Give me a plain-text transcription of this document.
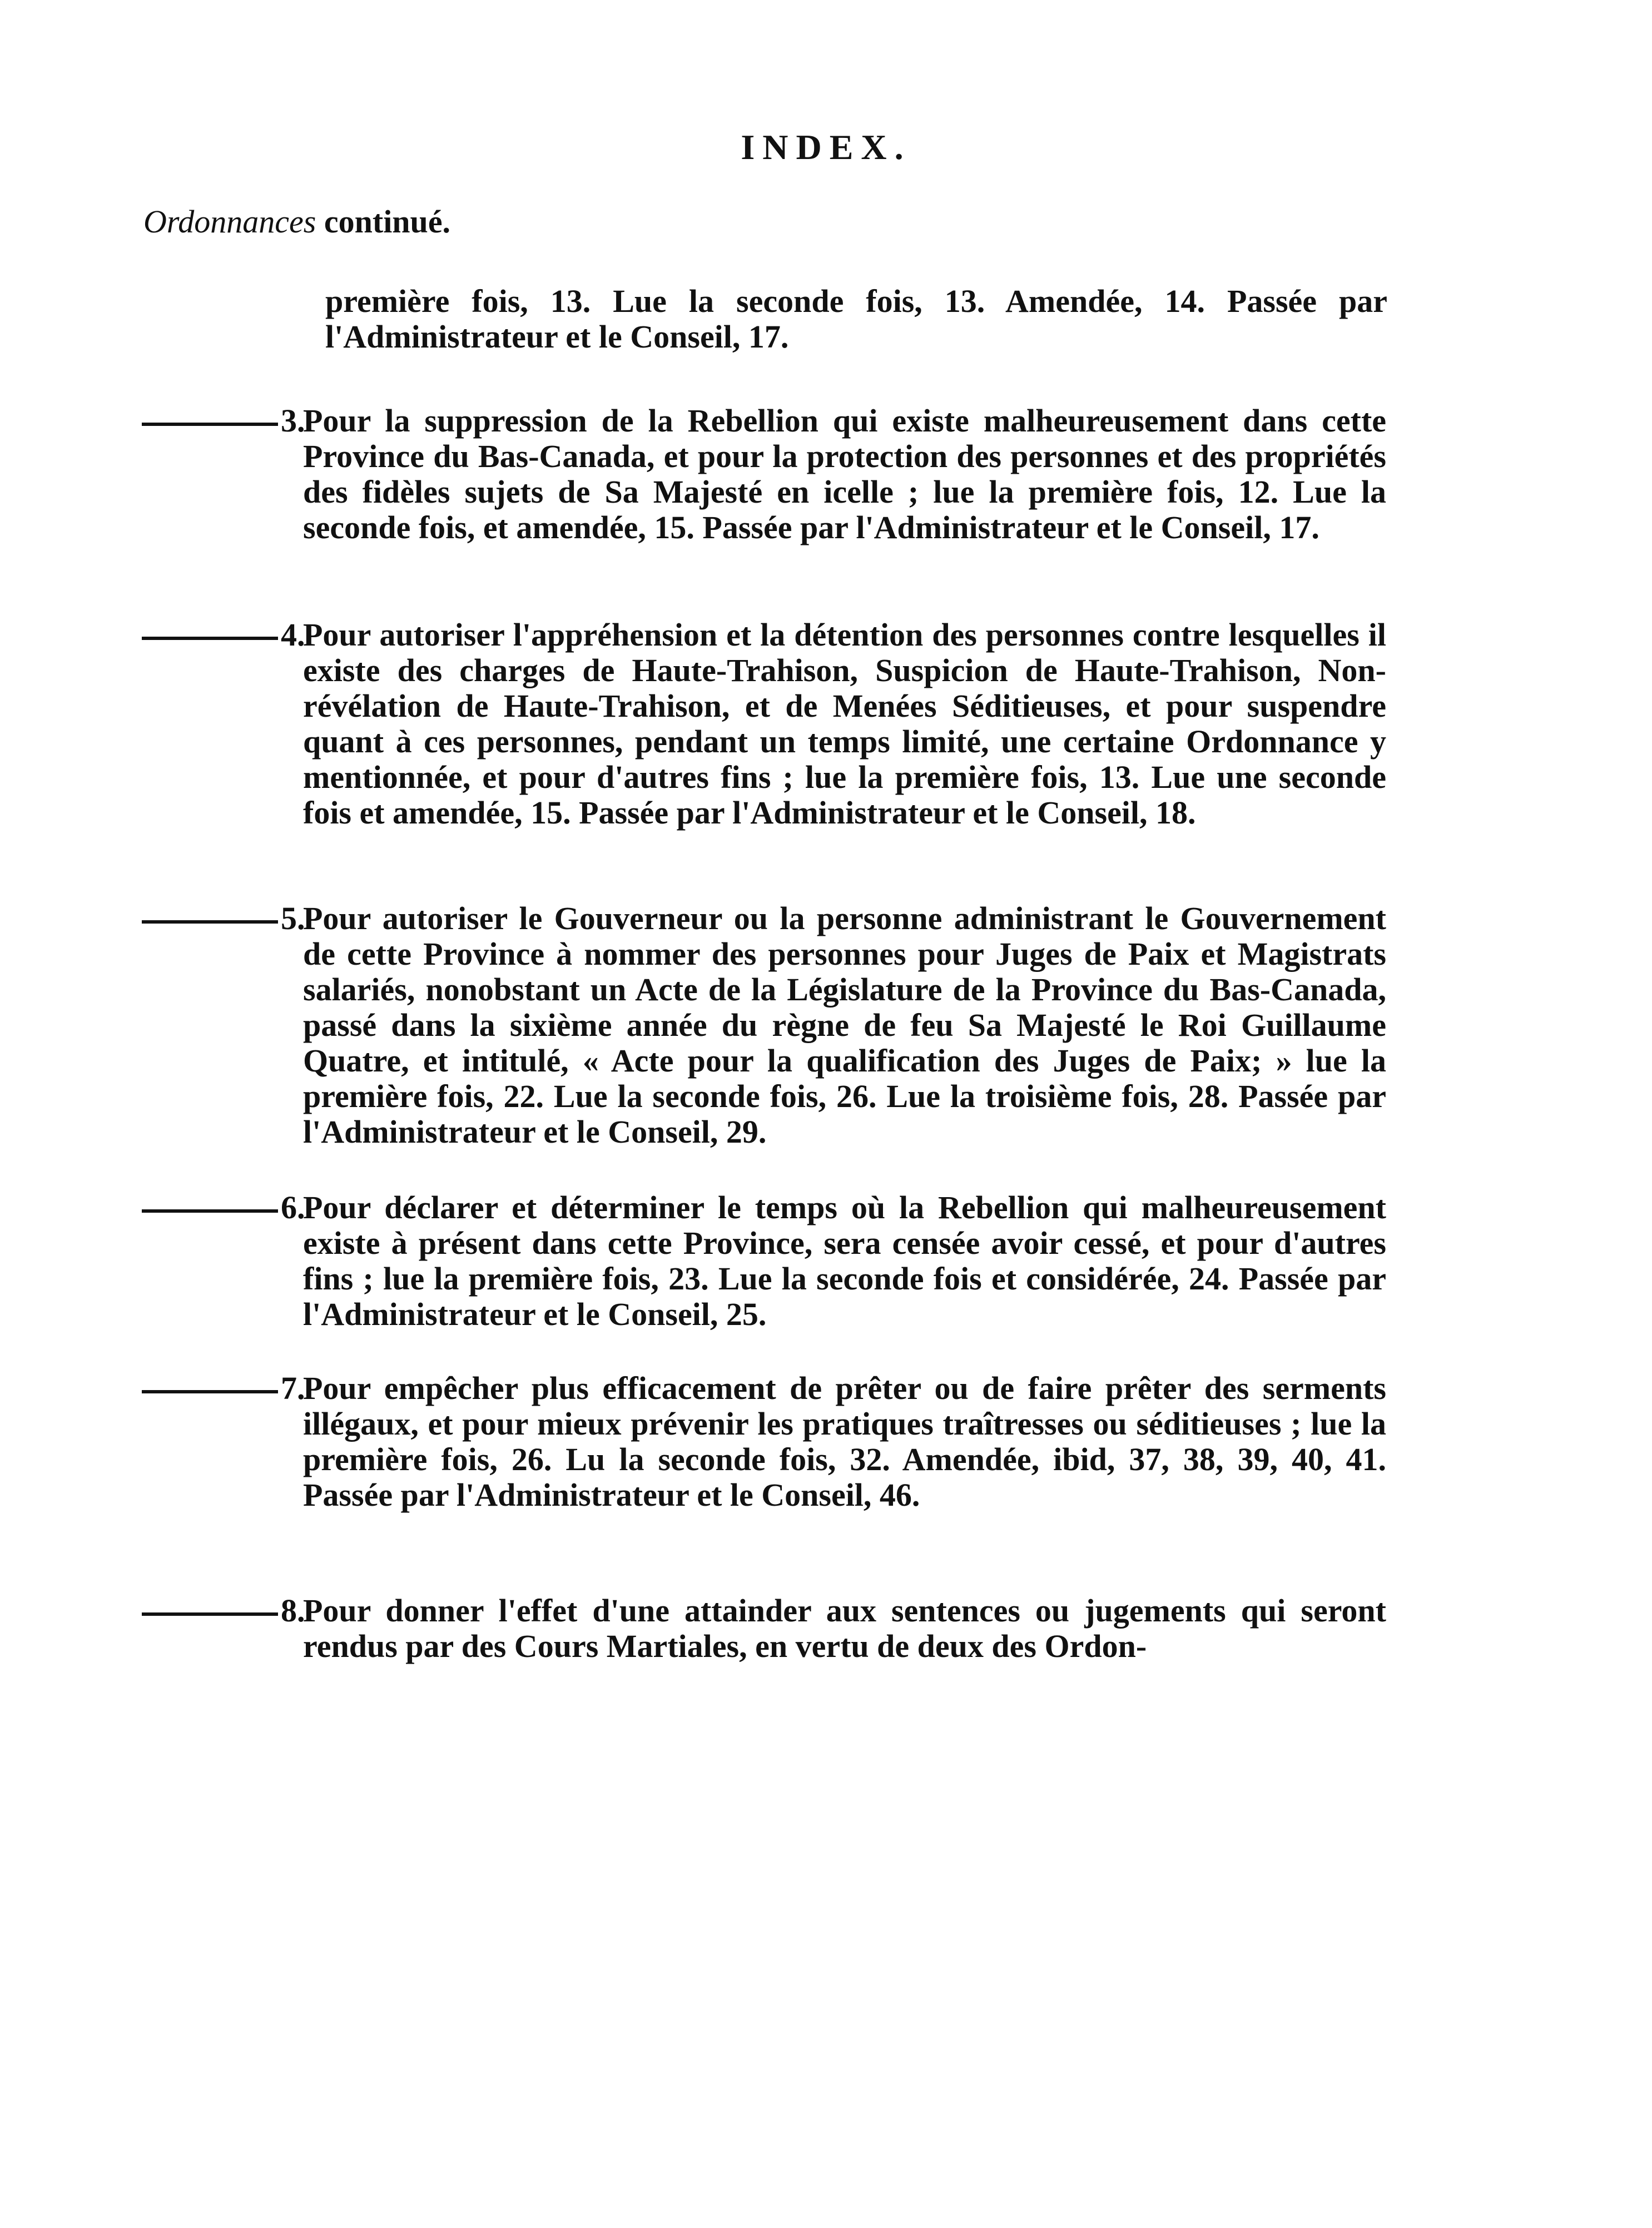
INDEX.
Ordonnances continué.
première fois, 13. Lue la seconde fois, 13. Amendée, 14. Passée par l'Administrateur et le Conseil, 17.
3.
Pour la suppression de la Rebellion qui existe malheureusement dans cette Province du Bas-Canada, et pour la protection des personnes et des propriétés des fidèles sujets de Sa Majesté en icelle ; lue la première fois, 12. Lue la seconde fois, et amendée, 15. Passée par l'Administrateur et le Conseil, 17.
4.
Pour autoriser l'appréhension et la détention des personnes contre lesquelles il existe des charges de Haute-Trahison, Suspicion de Haute-Trahison, Non-révélation de Haute-Trahison, et de Menées Séditieuses, et pour suspendre quant à ces personnes, pendant un temps limité, une certaine Ordonnance y mentionnée, et pour d'autres fins ; lue la première fois, 13. Lue une seconde fois et amendée, 15. Passée par l'Administrateur et le Conseil, 18.
5.
Pour autoriser le Gouverneur ou la personne administrant le Gouvernement de cette Province à nommer des personnes pour Juges de Paix et Magistrats salariés, nonobstant un Acte de la Législature de la Province du Bas-Canada, passé dans la sixième année du règne de feu Sa Majesté le Roi Guillaume Quatre, et intitulé, « Acte pour la qualification des Juges de Paix; » lue la première fois, 22. Lue la seconde fois, 26. Lue la troisième fois, 28. Passée par l'Administrateur et le Conseil, 29.
6.
Pour déclarer et déterminer le temps où la Rebellion qui malheureusement existe à présent dans cette Province, sera censée avoir cessé, et pour d'autres fins ; lue la première fois, 23. Lue la seconde fois et considérée, 24. Passée par l'Administrateur et le Conseil, 25.
7.
Pour empêcher plus efficacement de prêter ou de faire prêter des serments illégaux, et pour mieux prévenir les pratiques traîtresses ou séditieuses ; lue la première fois, 26. Lu la seconde fois, 32. Amendée, ibid, 37, 38, 39, 40, 41. Passée par l'Administrateur et le Conseil, 46.
8.
Pour donner l'effet d'une attainder aux sentences ou jugements qui seront rendus par des Cours Martiales, en vertu de deux des Ordon-
